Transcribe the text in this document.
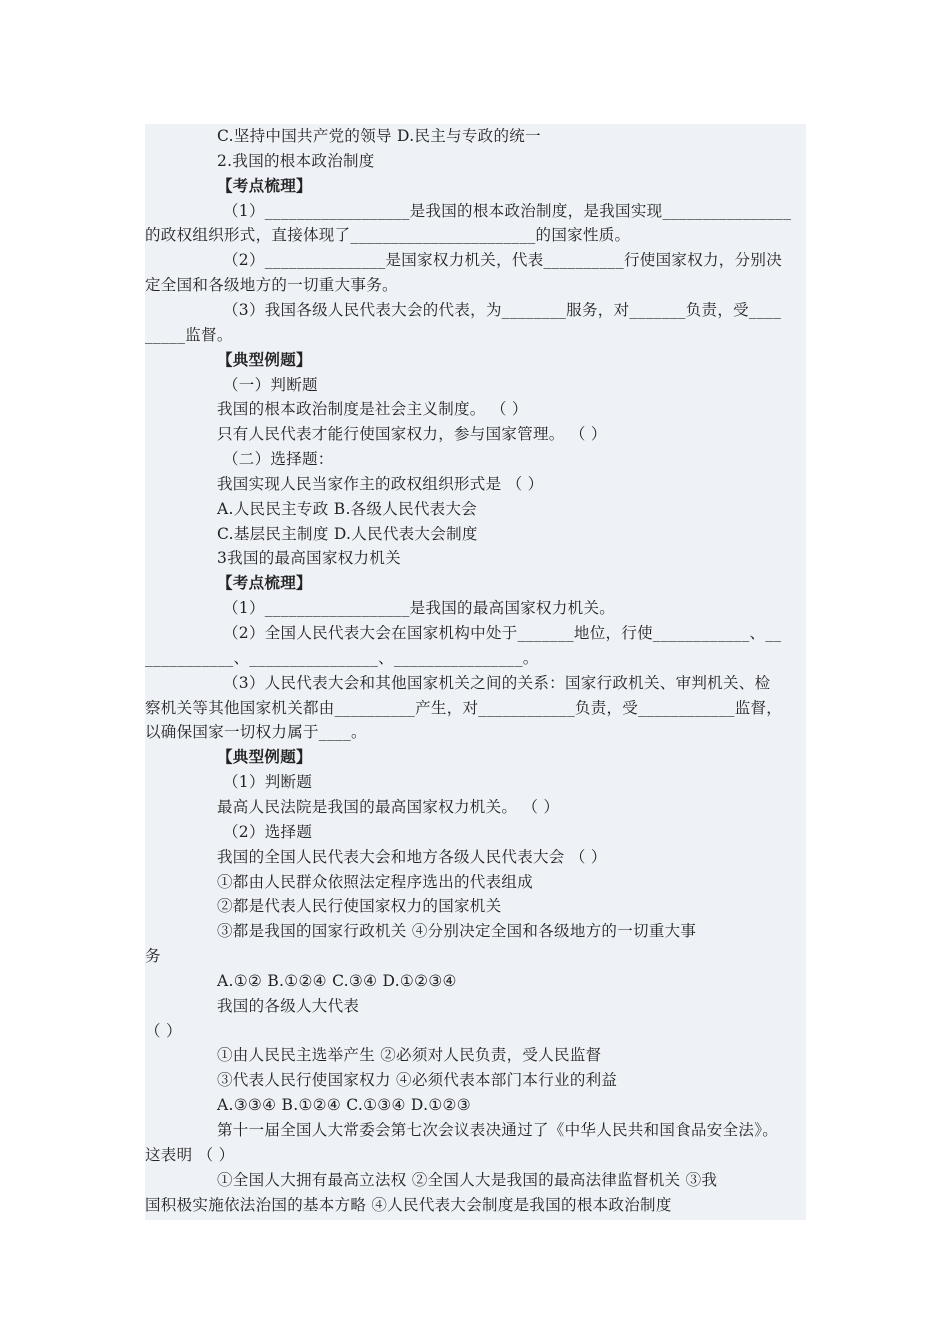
C.坚持中国共产党的领导 D.民主与专政的统一
2.我国的根本政治制度
【考点梳理】
（1）__________________是我国的根本政治制度，是我国实现________________
的政权组织形式，直接体现了_______________________的国家性质。
（2）_______________是国家权力机关，代表__________行使国家权力，分别决
定全国和各级地方的一切重大事务。
（3）我国各级人民代表大会的代表，为________服务，对_______负责，受____
_____监督。
【典型例题】
（一）判断题
我国的根本政治制度是社会主义制度。 （ ）
只有人民代表才能行使国家权力，参与国家管理。 （ ）
（二）选择题：
我国实现人民当家作主的政权组织形式是 （ ）
A.人民民主专政 B.各级人民代表大会
C.基层民主制度 D.人民代表大会制度
3我国的最高国家权力机关
【考点梳理】
（1）__________________是我国的最高国家权力机关。
（2）全国人民代表大会在国家机构中处于_______地位，行使____________、__
___________、________________、________________。
（3）人民代表大会和其他国家机关之间的关系：国家行政机关、审判机关、检
察机关等其他国家机关都由__________产生，对____________负责，受____________监督，
以确保国家一切权力属于____。
【典型例题】
（1）判断题
最高人民法院是我国的最高国家权力机关。 （ ）
（2）选择题
我国的全国人民代表大会和地方各级人民代表大会 （ ）
①都由人民群众依照法定程序选出的代表组成
②都是代表人民行使国家权力的国家机关
③都是我国的国家行政机关 ④分别决定全国和各级地方的一切重大事
务
A.①② B.①②④ C.③④ D.①②③④
我国的各级人大代表
（ ）
①由人民民主选举产生 ②必须对人民负责，受人民监督
③代表人民行使国家权力 ④必须代表本部门本行业的利益
A.③③④ B.①②④ C.①③④ D.①②③
第十一届全国人大常委会第七次会议表决通过了《中华人民共和国食品安全法》。
这表明 （ ）
①全国人大拥有最高立法权 ②全国人大是我国的最高法律监督机关 ③我
国积极实施依法治国的基本方略 ④人民代表大会制度是我国的根本政治制度
